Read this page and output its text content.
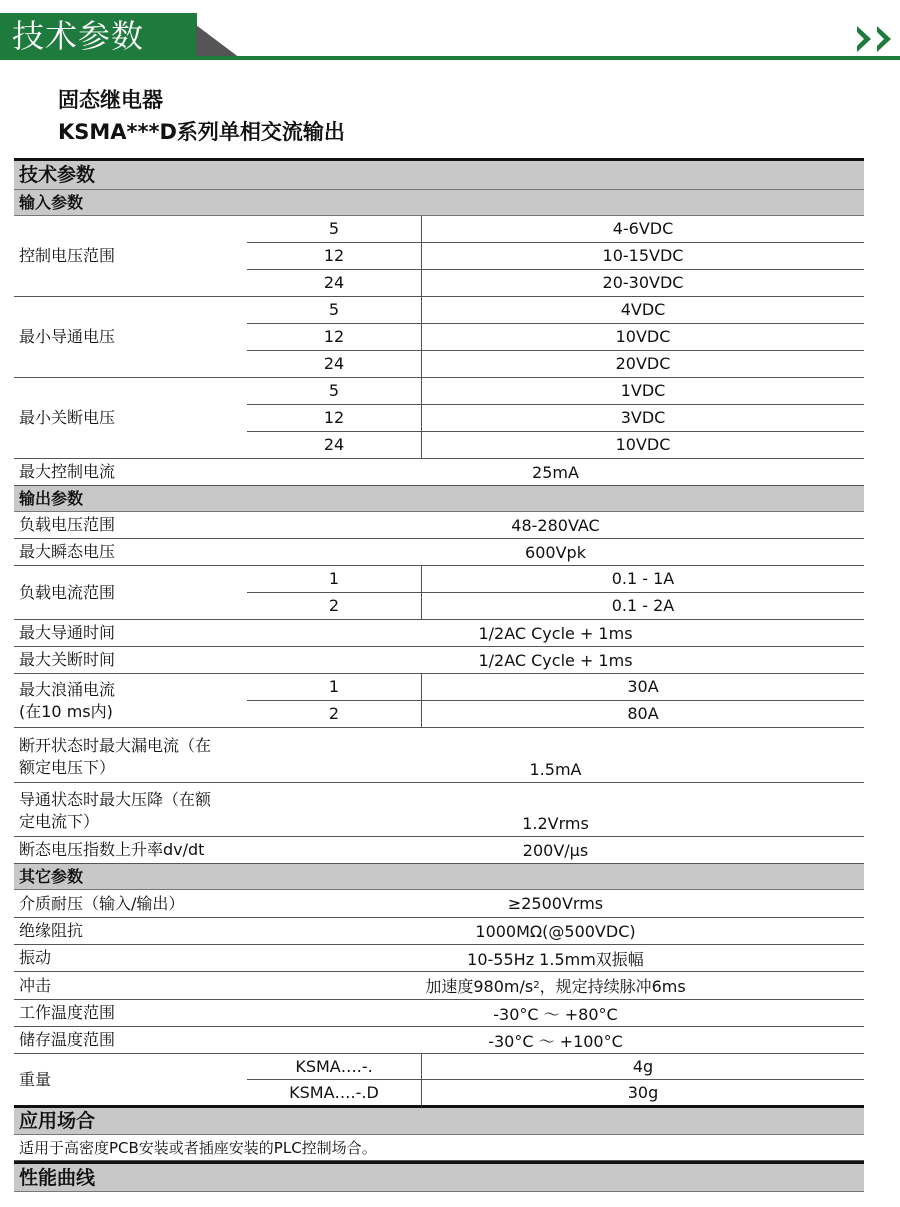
技术参数
固态继电器
KSMA***D系列单相交流输出
技术参数
输入参数
控制电压范围
5	4-6VDC
12	10-15VDC
24	20-30VDC
最小导通电压
5	4VDC
12	10VDC
24	20VDC
最小关断电压
5	1VDC
12	3VDC
24	10VDC
最大控制电流	25mA
输出参数
负载电压范围	48-280VAC
最大瞬态电压	600Vpk
负载电流范围
1	0.1 - 1A
2	0.1 - 2A
最大导通时间	1/2AC Cycle + 1ms
最大关断时间	1/2AC Cycle + 1ms
最大浪涌电流
(在10 ms内)
1	30A
2	80A
断开状态时最大漏电流（在
额定电压下）	1.5mA
导通状态时最大压降（在额
定电流下）	1.2Vrms
断态电压指数上升率dv/dt	200V/μs
其它参数
介质耐压（输入/输出）	≥2500Vrms
绝缘阻抗	1000MΩ(@500VDC)
振动	10-55Hz 1.5mm双振幅
冲击	加速度980m/s 2 ，规定持续脉冲6ms
工作温度范围	-30°C ～ +80°C
储存温度范围	-30°C ～ +100°C
重量
KSMA….-.	4g
KSMA….-.D	30g
应用场合
适用于高密度PCB安装或者插座安装的PLC控制场合。
性能曲线
